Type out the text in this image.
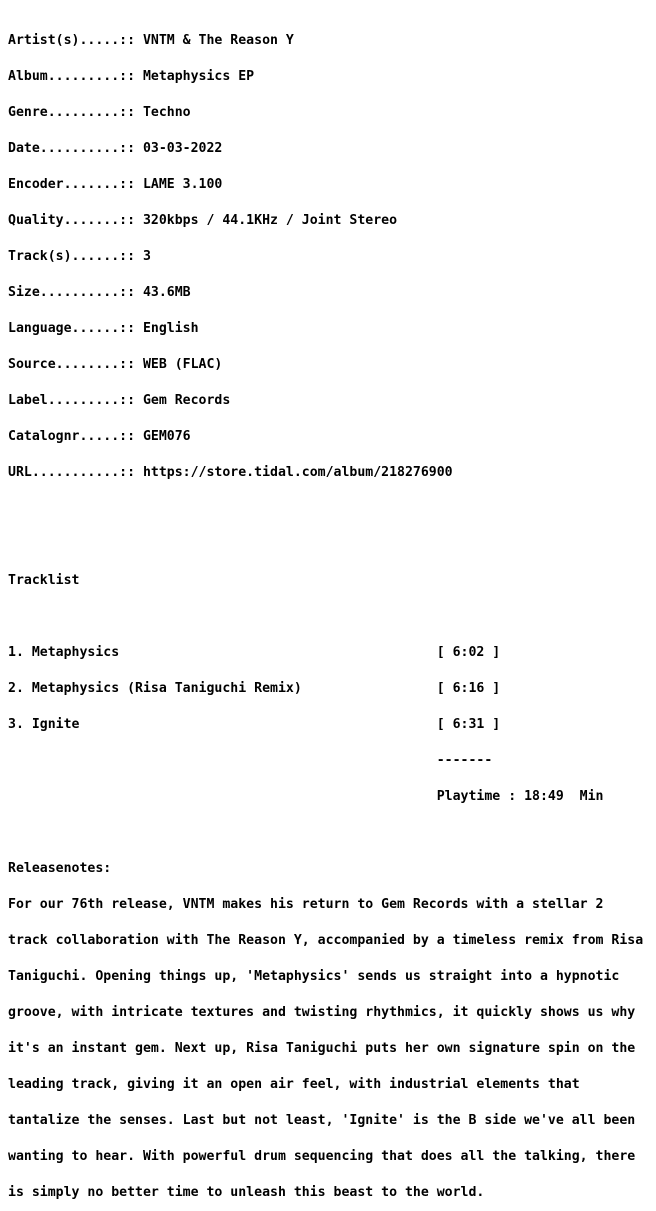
Artist(s).....:: VNTM & The Reason Y

Album.........:: Metaphysics EP

Genre.........:: Techno

Date..........:: 03-03-2022

Encoder.......:: LAME 3.100

Quality.......:: 320kbps / 44.1KHz / Joint Stereo

Track(s)......:: 3

Size..........:: 43.6MB

Language......:: English

Source........:: WEB (FLAC)

Label.........:: Gem Records

Catalognr.....:: GEM076

URL...........:: https://store.tidal.com/album/218276900

Tracklist

1. Metaphysics                                        [ 6:02 ]

2. Metaphysics (Risa Taniguchi Remix)                 [ 6:16 ]

3. Ignite                                             [ 6:31 ]

-------

Playtime : 18:49  Min

Releasenotes:

For our 76th release, VNTM makes his return to Gem Records with a stellar 2

track collaboration with The Reason Y, accompanied by a timeless remix from Risa

Taniguchi. Opening things up, 'Metaphysics' sends us straight into a hypnotic

groove, with intricate textures and twisting rhythmics, it quickly shows us why

it's an instant gem. Next up, Risa Taniguchi puts her own signature spin on the

leading track, giving it an open air feel, with industrial elements that

tantalize the senses. Last but not least, 'Ignite' is the B side we've all been

wanting to hear. With powerful drum sequencing that does all the talking, there

is simply no better time to unleash this beast to the world.
